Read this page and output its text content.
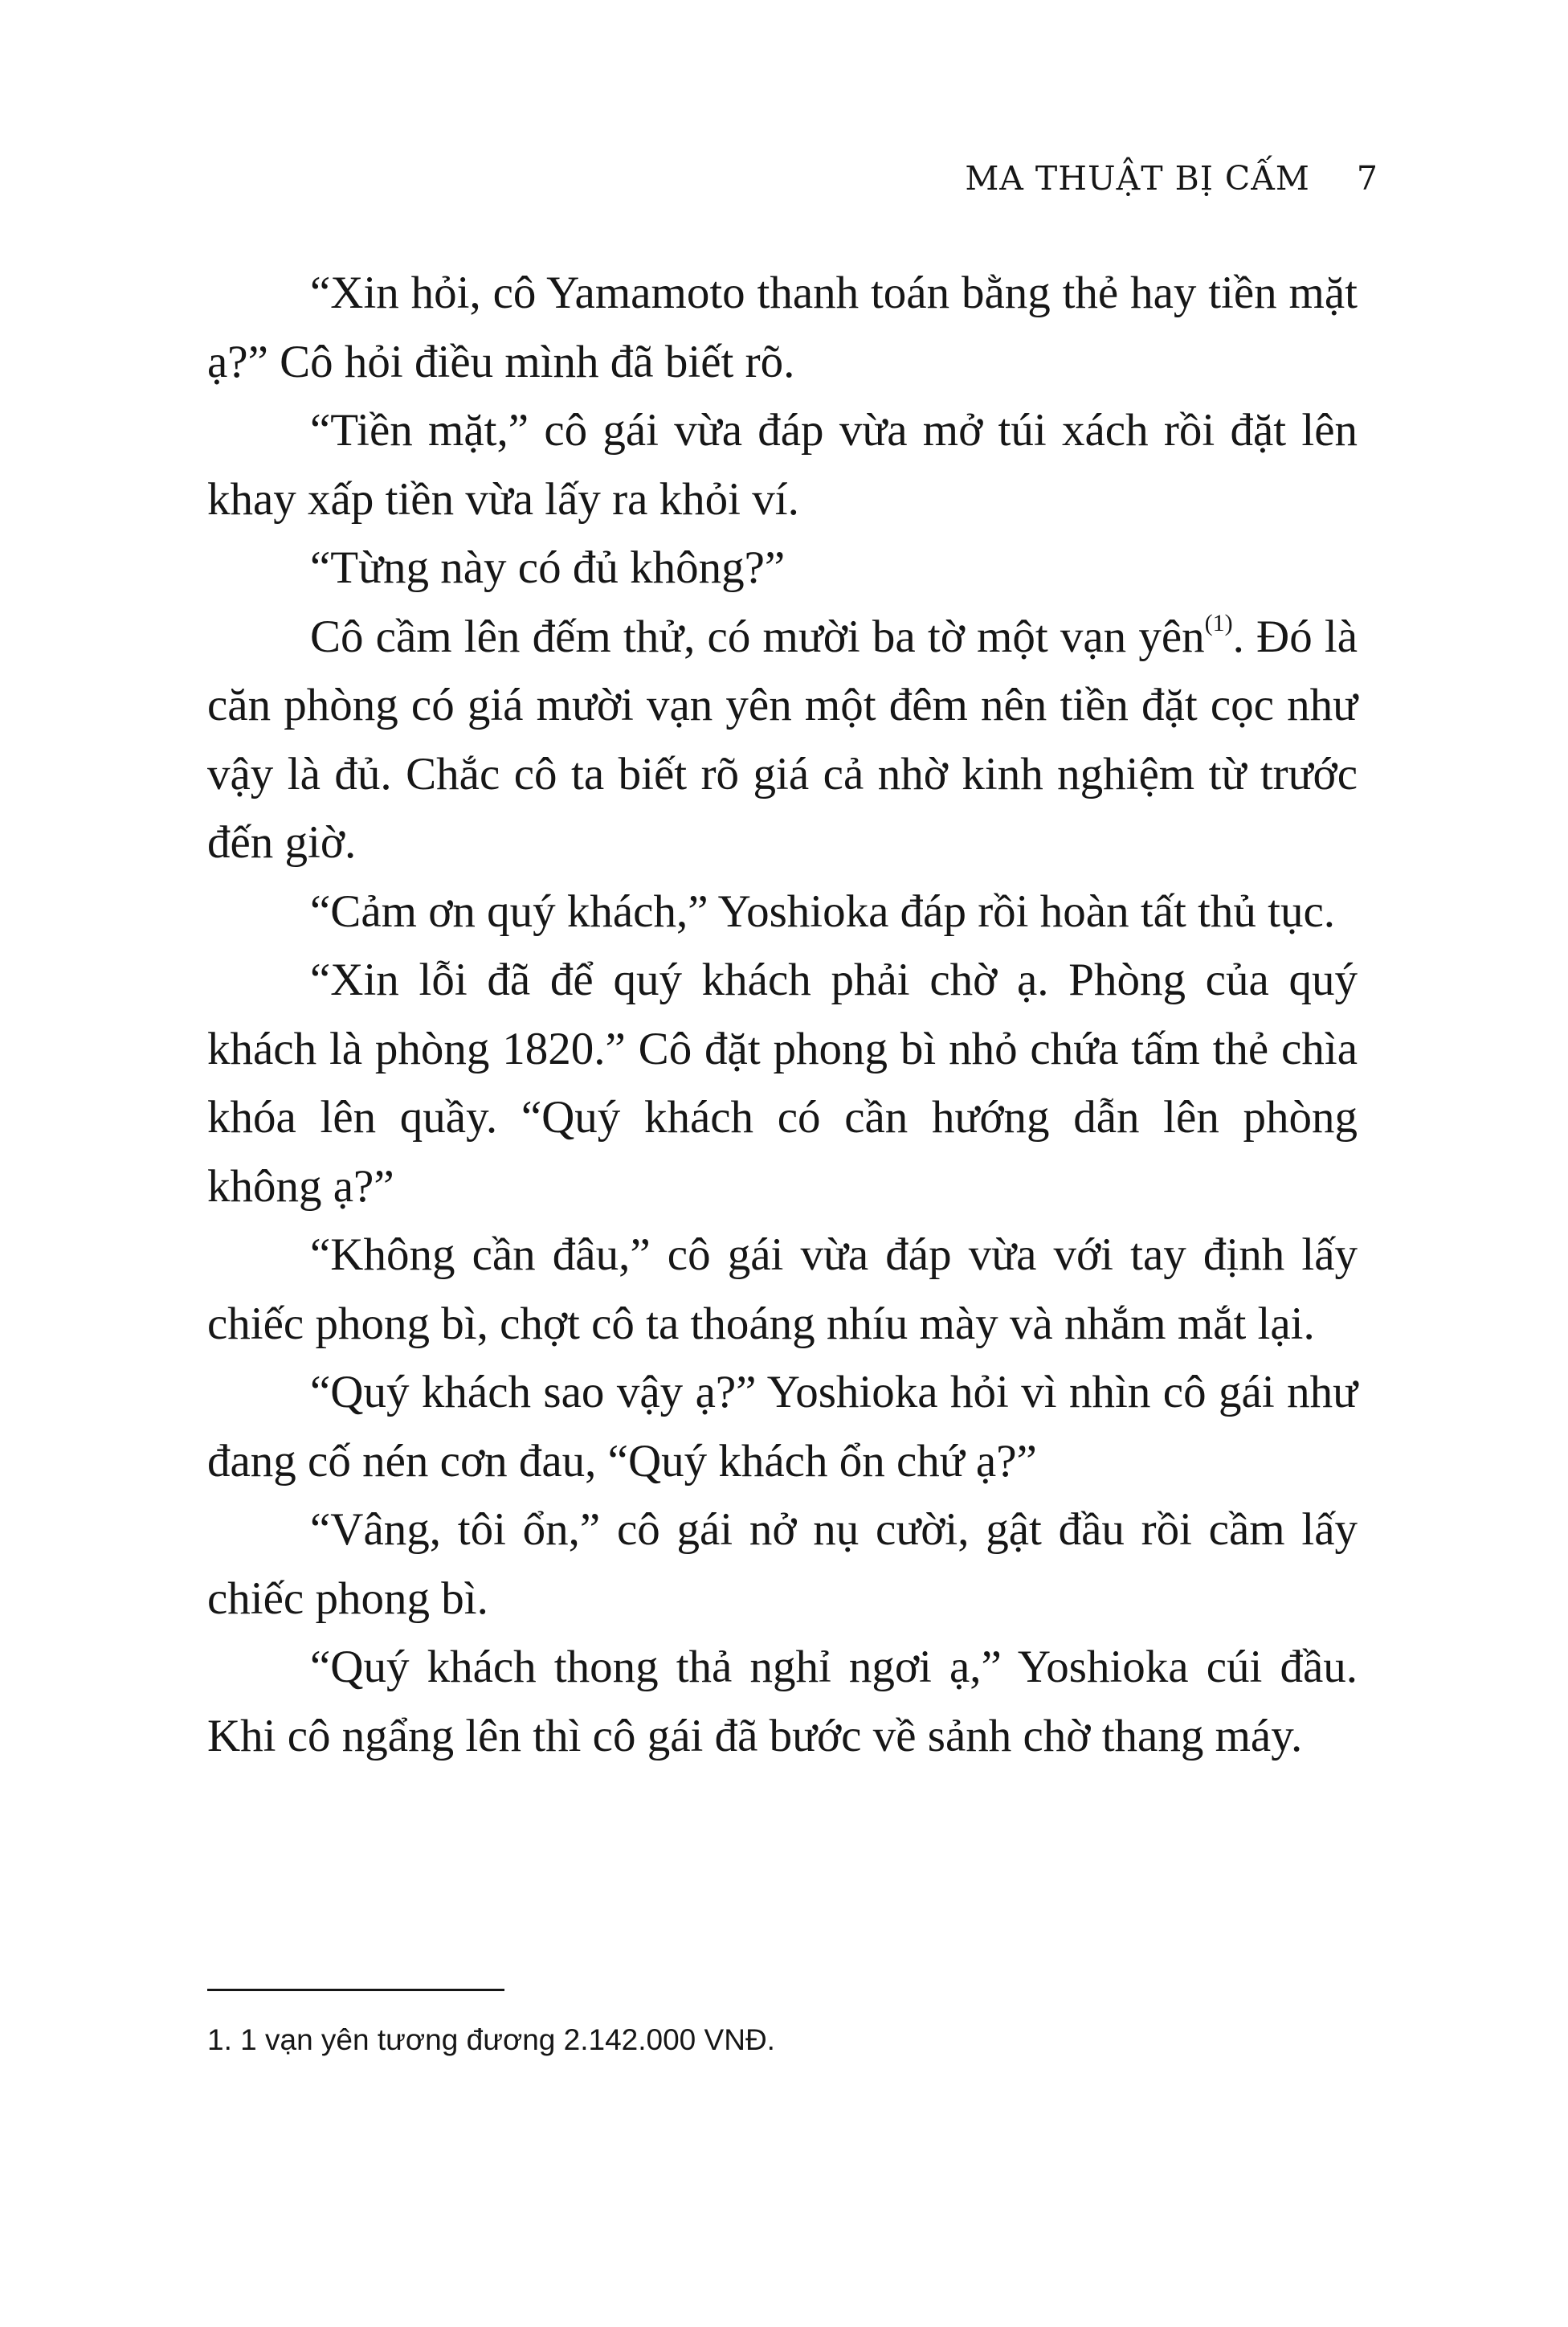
MA THUẬT BỊ CẤM 7

“Xin hỏi, cô Yamamoto thanh toán bằng thẻ hay tiền mặt ạ?” Cô hỏi điều mình đã biết rõ.

“Tiền mặt,” cô gái vừa đáp vừa mở túi xách rồi đặt lên khay xấp tiền vừa lấy ra khỏi ví.

“Từng này có đủ không?”

Cô cầm lên đếm thử, có mười ba tờ một vạn yên$^{(1)}$. Đó là căn phòng có giá mười vạn yên một đêm nên tiền đặt cọc như vậy là đủ. Chắc cô ta biết rõ giá cả nhờ kinh nghiệm từ trước đến giờ.

“Cảm ơn quý khách,” Yoshioka đáp rồi hoàn tất thủ tục.

“Xin lỗi đã để quý khách phải chờ ạ. Phòng của quý khách là phòng 1820.” Cô đặt phong bì nhỏ chứa tấm thẻ chìa khóa lên quầy. “Quý khách có cần hướng dẫn lên phòng không ạ?”

“Không cần đâu,” cô gái vừa đáp vừa với tay định lấy chiếc phong bì, chợt cô ta thoáng nhíu mày và nhắm mắt lại.

“Quý khách sao vậy ạ?” Yoshioka hỏi vì nhìn cô gái như đang cố nén cơn đau, “Quý khách ổn chứ ạ?”

“Vâng, tôi ổn,” cô gái nở nụ cười, gật đầu rồi cầm lấy chiếc phong bì.

“Quý khách thong thả nghỉ ngơi ạ,” Yoshioka cúi đầu. Khi cô ngẩng lên thì cô gái đã bước về sảnh chờ thang máy.

1. 1 vạn yên tương đương 2.142.000 VNĐ.
